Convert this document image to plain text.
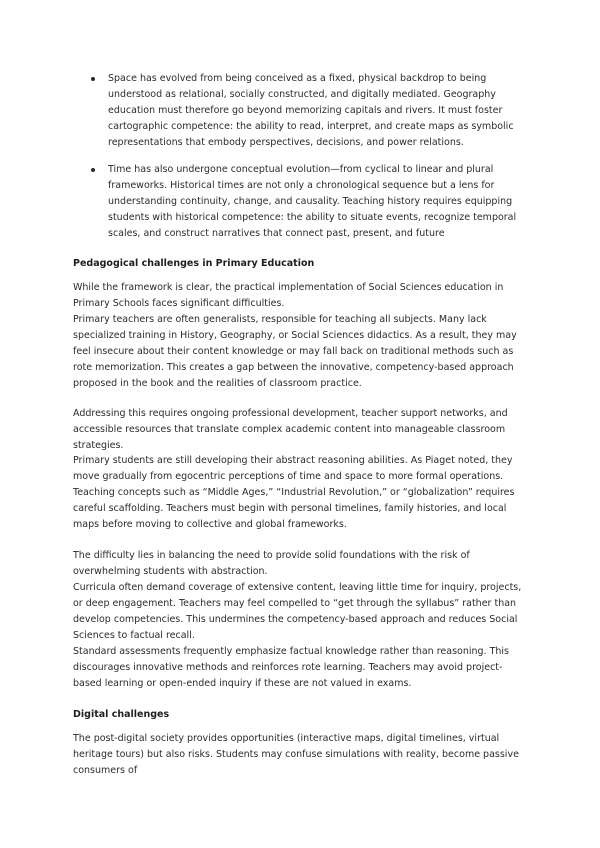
Space has evolved from being conceived as a fixed, physical backdrop to being understood as relational, socially constructed, and digitally mediated. Geography education must therefore go beyond memorizing capitals and rivers. It must foster cartographic competence: the ability to read, interpret, and create maps as symbolic representations that embody perspectives, decisions, and power relations.
Time has also undergone conceptual evolution—from cyclical to linear and plural frameworks. Historical times are not only a chronological sequence but a lens for understanding continuity, change, and causality. Teaching history requires equipping students with historical competence: the ability to situate events, recognize temporal scales, and construct narratives that connect past, present, and future
Pedagogical challenges in Primary Education

While the framework is clear, the practical implementation of Social Sciences education in Primary Schools faces significant difficulties.

Primary teachers are often generalists, responsible for teaching all subjects. Many lack specialized training in History, Geography, or Social Sciences didactics. As a result, they may feel insecure about their content knowledge or may fall back on traditional methods such as rote memorization. This creates a gap between the innovative, competency-based approach proposed in the book and the realities of classroom practice.

Addressing this requires ongoing professional development, teacher support networks, and accessible resources that translate complex academic content into manageable classroom strategies.

Primary students are still developing their abstract reasoning abilities. As Piaget noted, they move gradually from egocentric perceptions of time and space to more formal operations. Teaching concepts such as “Middle Ages,” “Industrial Revolution,” or “globalization” requires careful scaffolding. Teachers must begin with personal timelines, family histories, and local maps before moving to collective and global frameworks.

The difficulty lies in balancing the need to provide solid foundations with the risk of overwhelming students with abstraction.

Curricula often demand coverage of extensive content, leaving little time for inquiry, projects, or deep engagement. Teachers may feel compelled to “get through the syllabus” rather than develop competencies. This undermines the competency-based approach and reduces Social Sciences to factual recall.

Standard assessments frequently emphasize factual knowledge rather than reasoning. This discourages innovative methods and reinforces rote learning. Teachers may avoid project-based learning or open-ended inquiry if these are not valued in exams.

Digital challenges

The post-digital society provides opportunities (interactive maps, digital timelines, virtual heritage tours) but also risks. Students may confuse simulations with reality, become passive consumers of
